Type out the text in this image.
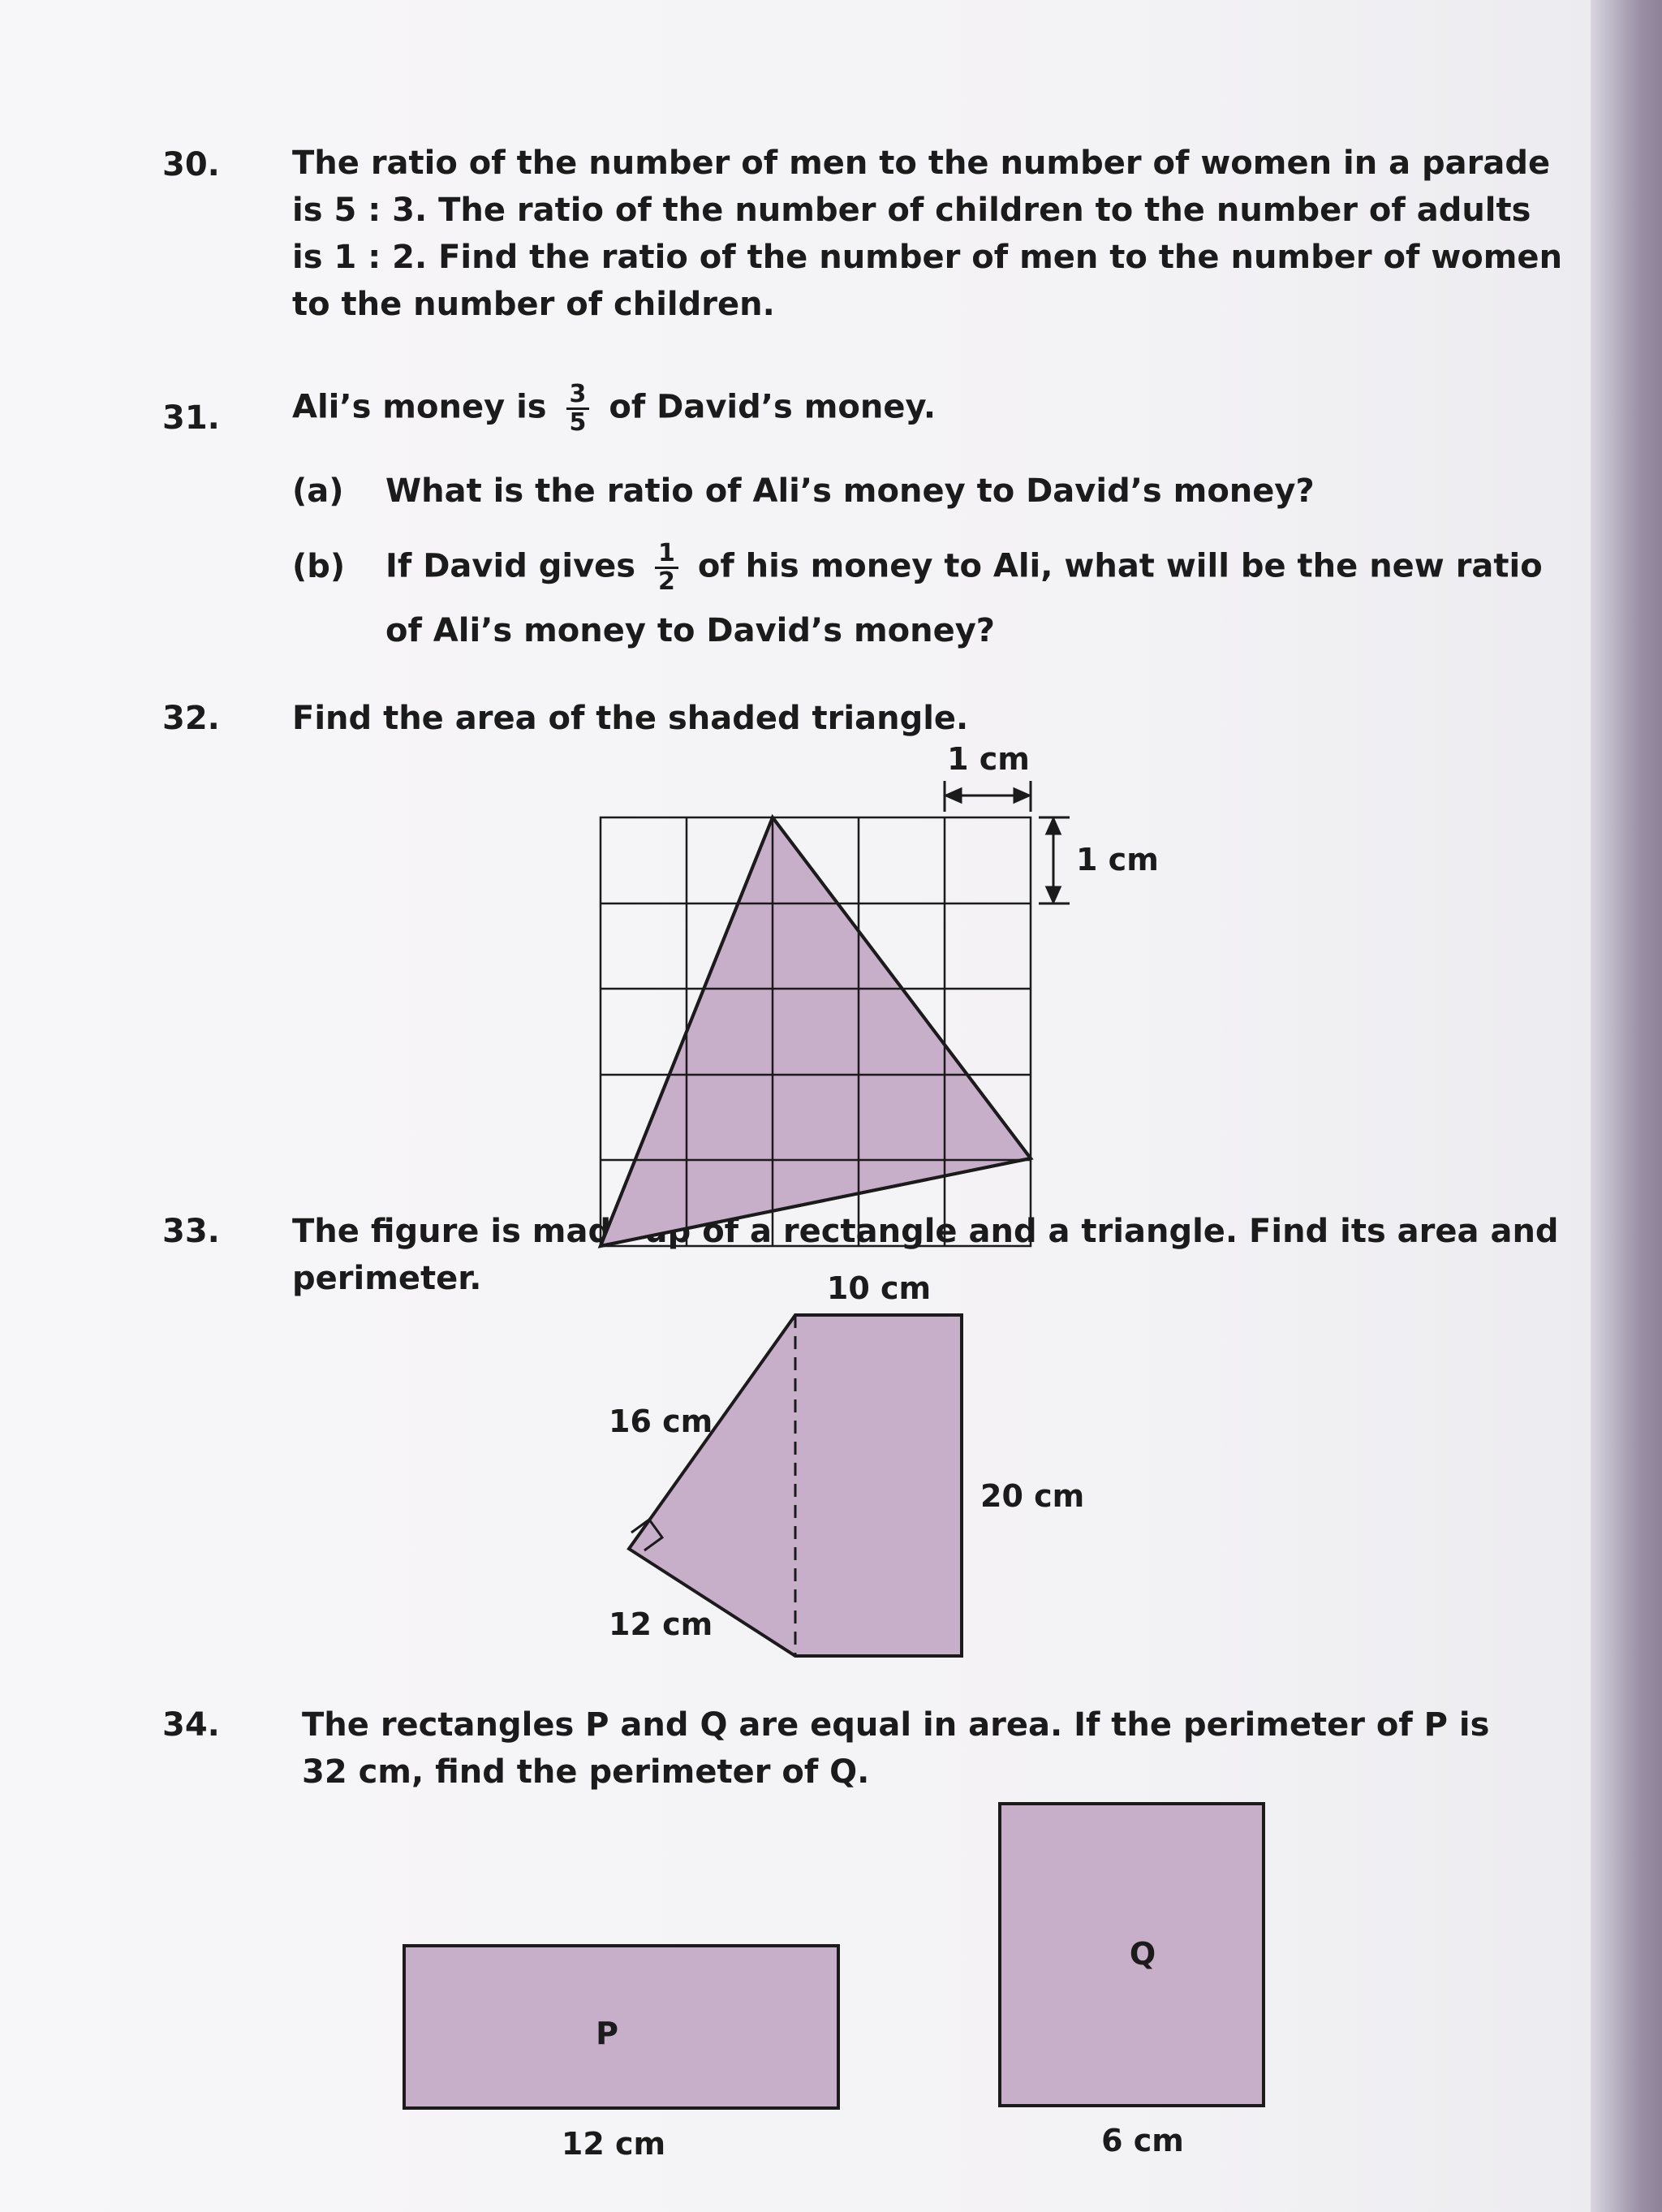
30. The ratio of the number of men to the number of women in a parade
is 5 : 3. The ratio of the number of children to the number of adults
is 1 : 2. Find the ratio of the number of men to the number of women
to the number of children.
31. Ali’s money is $\frac{3}{5}$ of David’s money.
(a) What is the ratio of Ali’s money to David’s money?
(b) If David gives $\frac{1}{2}$ of his money to Ali, what will be the new ratio
of Ali’s money to David’s money?
32. Find the area of the shaded triangle.
33. The figure is made up of a rectangle and a triangle. Find its area and
perimeter.
34.	The rectangles P and Q are equal in area. If the perimeter of P is
32 cm, find the perimeter of Q.
1 cm
1 cm
10 cm
16 cm
20 cm
12 cm
P
Q
12 cm	6 cm
